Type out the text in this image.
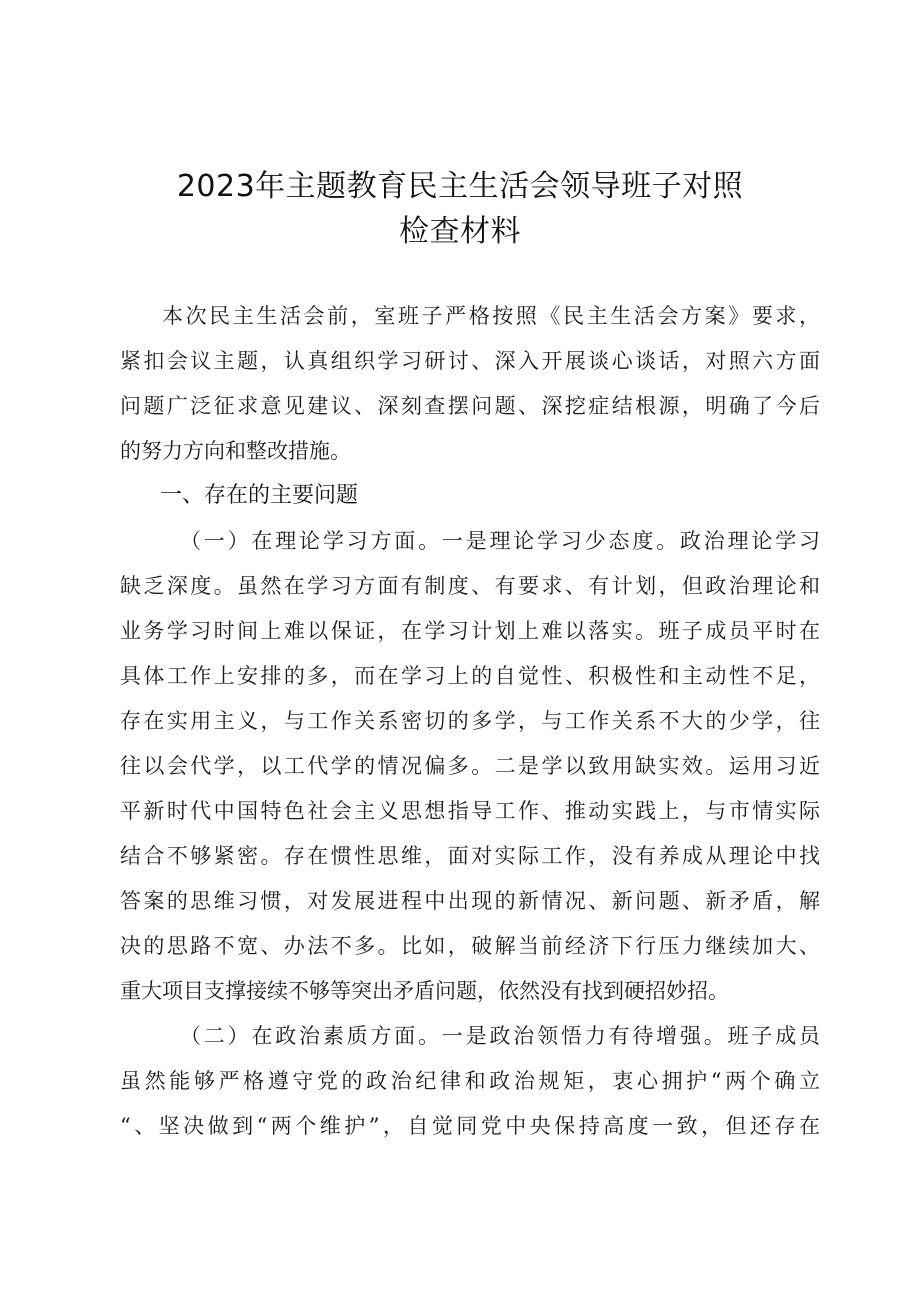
2023年主题教育民主生活会领导班子对照
检查材料
本次民主生活会前，室班子严格按照《民主生活会方案》要求，
紧扣会议主题，认真组织学习研讨、深入开展谈心谈话，对照六方面
问题广泛征求意见建议、深刻查摆问题、深挖症结根源，明确了今后
的努力方向和整改措施。
一、存在的主要问题
（一）在理论学习方面。一是理论学习少态度。政治理论学习
缺乏深度。虽然在学习方面有制度、有要求、有计划，但政治理论和
业务学习时间上难以保证，在学习计划上难以落实。班子成员平时在
具体工作上安排的多，而在学习上的自觉性、积极性和主动性不足，
存在实用主义，与工作关系密切的多学，与工作关系不大的少学，往
往以会代学，以工代学的情况偏多。二是学以致用缺实效。运用习近
平新时代中国特色社会主义思想指导工作、推动实践上，与市情实际
结合不够紧密。存在惯性思维，面对实际工作，没有养成从理论中找
答案的思维习惯，对发展进程中出现的新情况、新问题、新矛盾，解
决的思路不宽、办法不多。比如，破解当前经济下行压力继续加大、
重大项目支撑接续不够等突出矛盾问题，依然没有找到硬招妙招。
（二）在政治素质方面。一是政治领悟力有待增强。班子成员
虽然能够严格遵守党的政治纪律和政治规矩，衷心拥护“两个确立
“、坚决做到“两个维护”，自觉同党中央保持高度一致，但还存在
